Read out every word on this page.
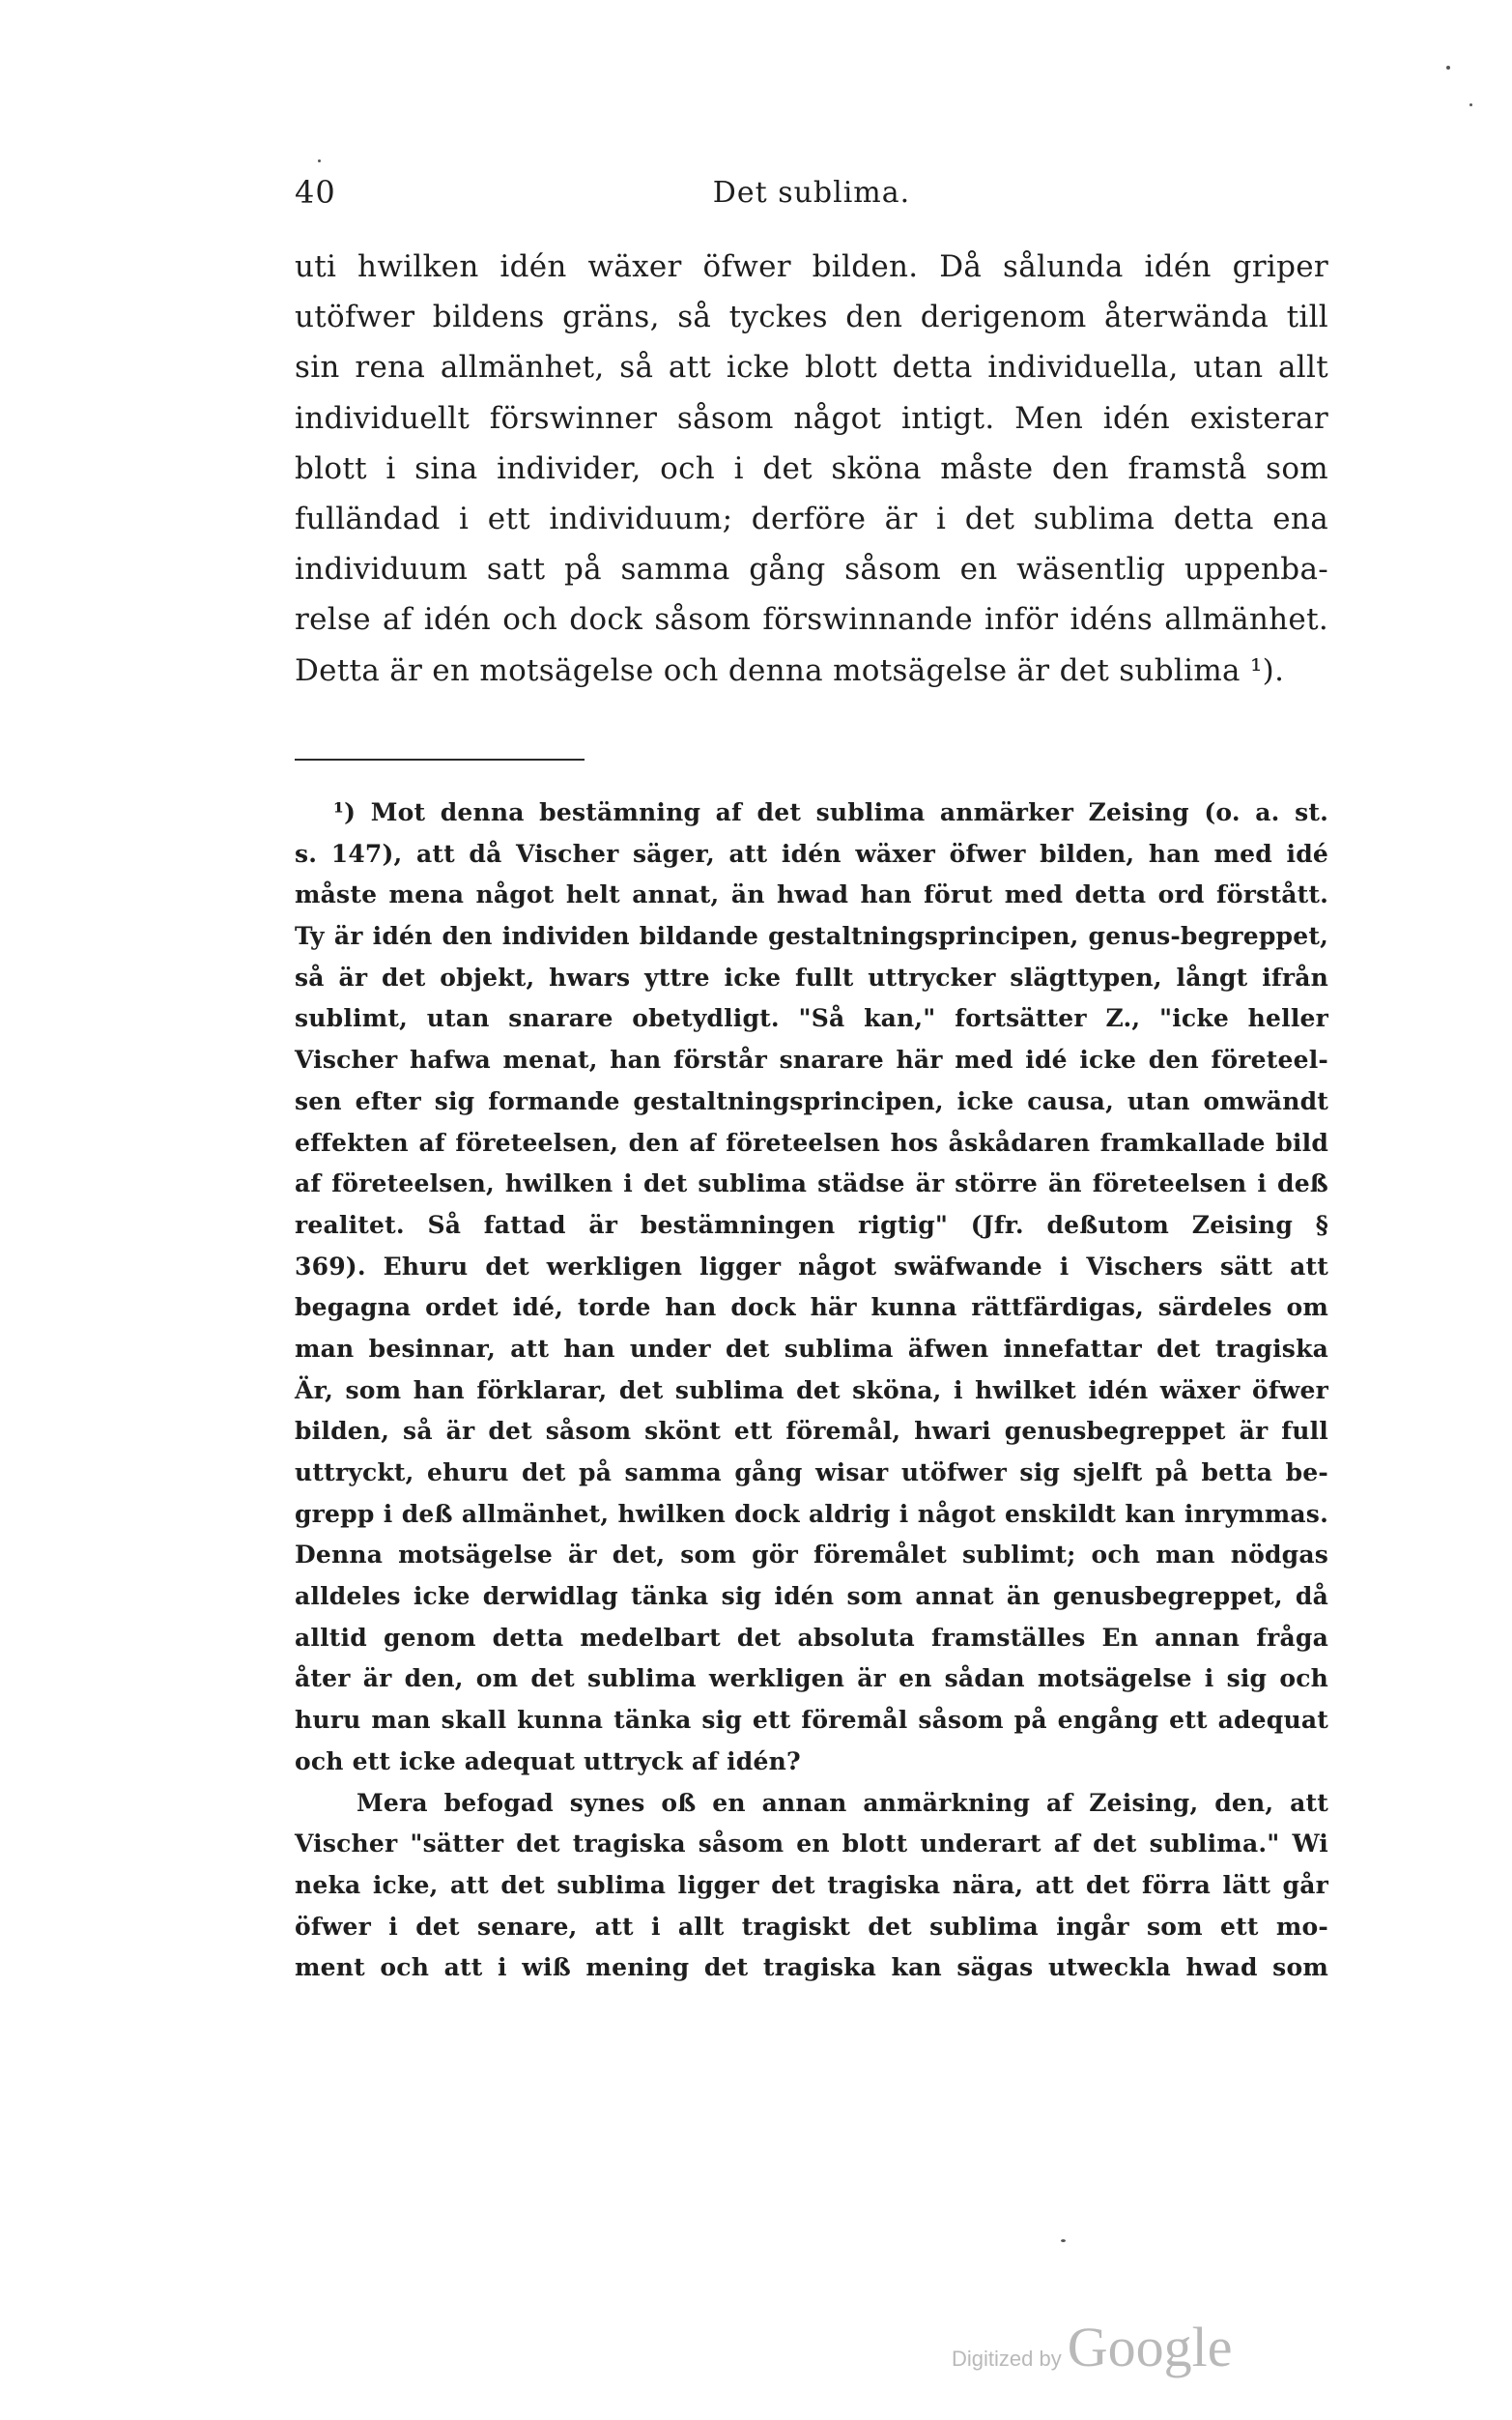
40	Det sublima.
uti hwilken idén wäxer öfwer bilden. Då sålunda idén griper
utöfwer bildens gräns, så tyckes den derigenom återwända till
sin rena allmänhet, så att icke blott detta individuella, utan allt
individuellt förswinner såsom något intigt. Men idén existerar
blott i sina individer, och i det sköna måste den framstå som
fulländad i ett individuum; derföre är i det sublima detta ena
individuum satt på samma gång såsom en wäsentlig uppenba-
relse af idén och dock såsom förswinnande inför idéns allmänhet.
Detta är en motsägelse och denna motsägelse är det sublima ¹).
¹) Mot denna bestämning af det sublima anmärker Zeising (o. a. st.
s. 147), att då Vischer säger, att idén wäxer öfwer bilden, han med idé
måste mena något helt annat, än hwad han förut med detta ord förstått.
Ty är idén den individen bildande gestaltningsprincipen, genus-begreppet,
så är det objekt, hwars yttre icke fullt uttrycker slägttypen, långt ifrån
sublimt, utan snarare obetydligt. "Så kan," fortsätter Z., "icke heller
Vischer hafwa menat, han förstår snarare här med idé icke den företeel-
sen efter sig formande gestaltningsprincipen, icke causa, utan omwändt
effekten af företeelsen, den af företeelsen hos åskådaren framkallade bild
af företeelsen, hwilken i det sublima städse är större än företeelsen i deß
realitet. Så fattad är bestämningen rigtig" (Jfr. deßutom Zeising §
369). Ehuru det werkligen ligger något swäfwande i Vischers sätt att
begagna ordet idé, torde han dock här kunna rättfärdigas, särdeles om
man besinnar, att han under det sublima äfwen innefattar det tragiska
Är, som han förklarar, det sublima det sköna, i hwilket idén wäxer öfwer
bilden, så är det såsom skönt ett föremål, hwari genusbegreppet är full
uttryckt, ehuru det på samma gång wisar utöfwer sig sjelft på betta be-
grepp i deß allmänhet, hwilken dock aldrig i något enskildt kan inrymmas.
Denna motsägelse är det, som gör föremålet sublimt; och man nödgas
alldeles icke derwidlag tänka sig idén som annat än genusbegreppet, då
alltid genom detta medelbart det absoluta framställes En annan fråga
åter är den, om det sublima werkligen är en sådan motsägelse i sig och
huru man skall kunna tänka sig ett föremål såsom på engång ett adequat
och ett icke adequat uttryck af idén?
Mera befogad synes oß en annan anmärkning af Zeising, den, att
Vischer "sätter det tragiska såsom en blott underart af det sublima." Wi
neka icke, att det sublima ligger det tragiska nära, att det förra lätt går
öfwer i det senare, att i allt tragiskt det sublima ingår som ett mo-
ment och att i wiß mening det tragiska kan sägas utweckla hwad som
Digitized by Google
